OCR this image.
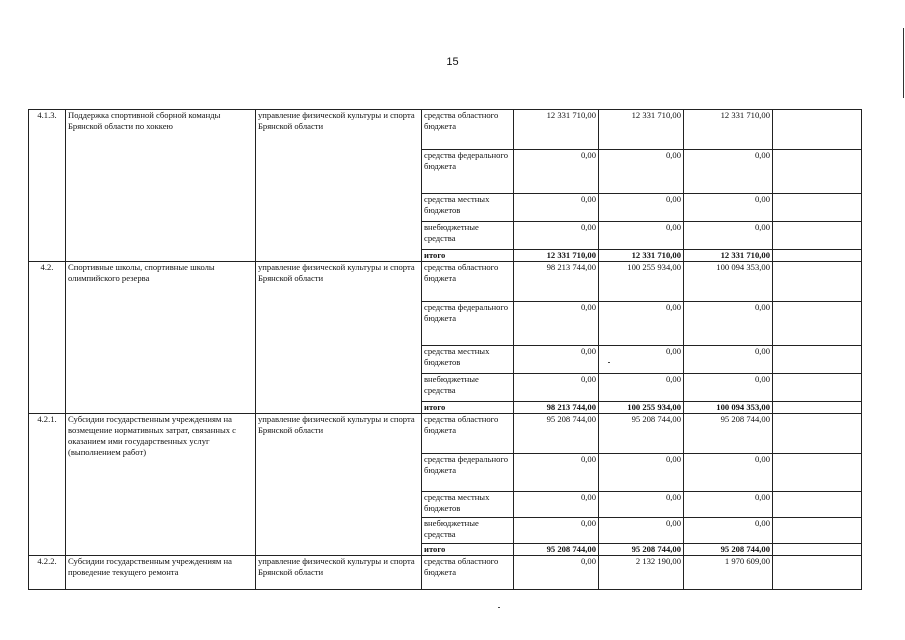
15
4.1.3.	Поддержка спортивной сборной команды Брянской области по хоккею	управление физической культуры и спорта Брянской области	средства областного бюджета	12 331 710,00	12 331 710,00	12 331 710,00	
			средства федерального бюджета	0,00	0,00	0,00	
			средства местных бюджетов	0,00	0,00	0,00	
			внебюджетные средства	0,00	0,00	0,00	
			итого	12 331 710,00	12 331 710,00	12 331 710,00	
4.2.	Спортивные школы, спортивные школы олимпийского резерва	управление физической культуры и спорта Брянской области	средства областного бюджета	98 213 744,00	100 255 934,00	100 094 353,00	
			средства федерального бюджета	0,00	0,00	0,00	
			средства местных бюджетов	0,00	0,00	0,00	
			внебюджетные средства	0,00	0,00	0,00	
			итого	98 213 744,00	100 255 934,00	100 094 353,00	
4.2.1.	Субсидии государственным учреждениям на возмещение нормативных затрат, связанных с оказанием ими государственных услуг (выполнением работ)	управление физической культуры и спорта Брянской области	средства областного бюджета	95 208 744,00	95 208 744,00	95 208 744,00	
			средства федерального бюджета	0,00	0,00	0,00	
			средства местных бюджетов	0,00	0,00	0,00	
			внебюджетные средства	0,00	0,00	0,00	
			итого	95 208 744,00	95 208 744,00	95 208 744,00	
4.2.2.	Субсидии государственным учреждениям на проведение текущего ремонта	управление физической культуры и спорта Брянской области	средства областного бюджета	0,00	2 132 190,00	1 970 609,00	
